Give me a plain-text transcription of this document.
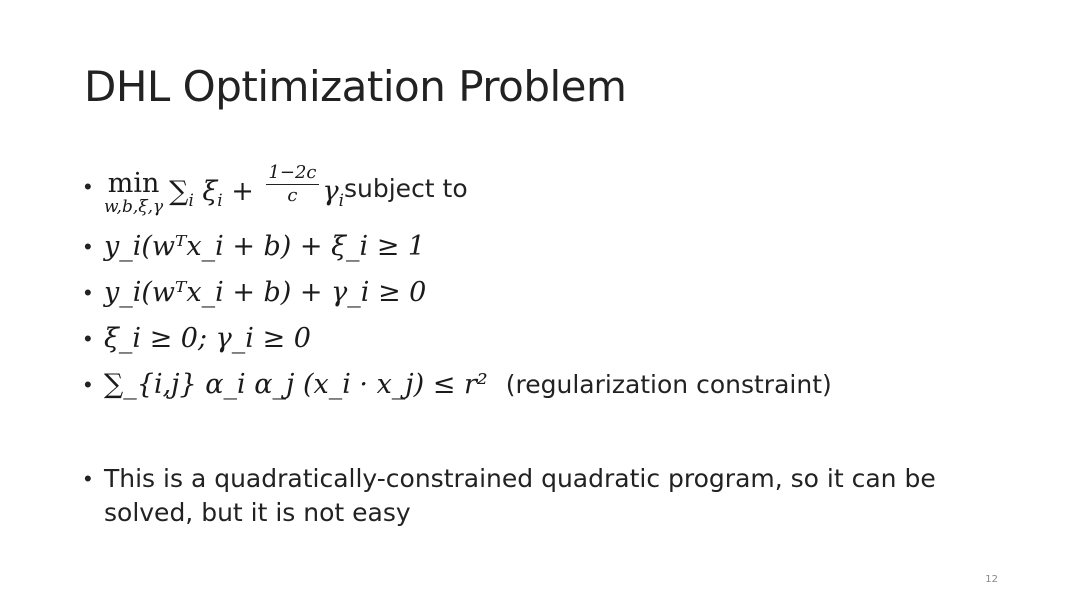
DHL Optimization Problem
• min
w,b,ξ,γ $\sum_i$ $\xi_i + \frac{1-2c}{c} \gamma_i$ subject to
• y_i(wᵀx_i + b) + ξ_i ≥ 1
• y_i(wᵀx_i + b) + γ_i ≥ 0
• ξ_i ≥ 0; γ_i ≥ 0
• ∑_{i,j} α_i α_j (x_i · x_j) ≤ r² (regularization constraint)
• This is a quadratically-constrained quadratic program, so it can be
solved, but it is not easy
12
